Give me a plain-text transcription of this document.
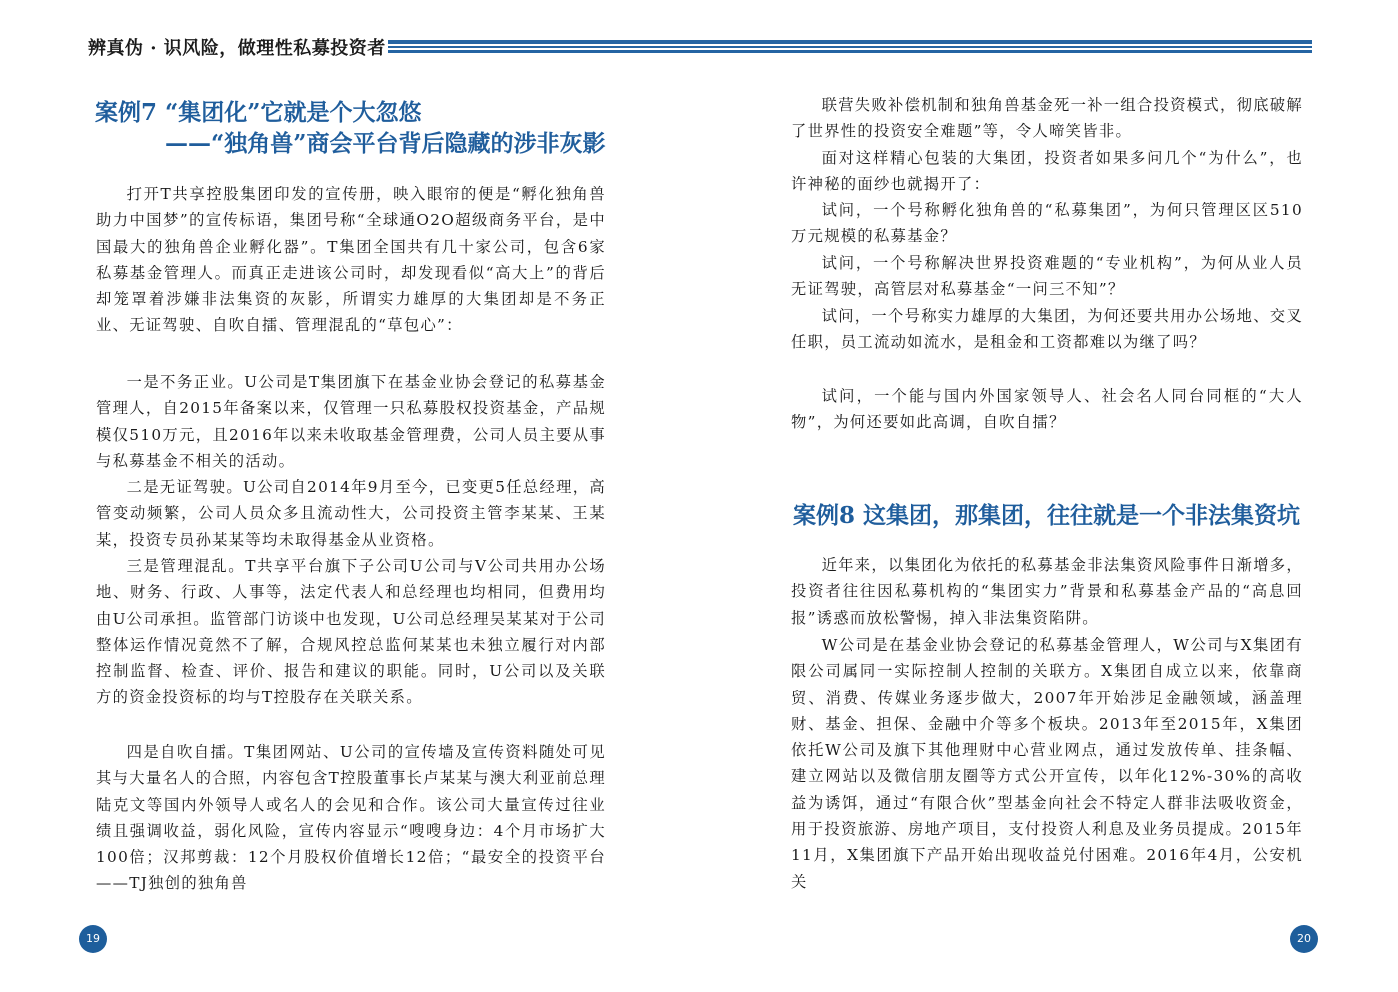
辨真伪 · 识风险，做理性私募投资者
案例7 “集团化”它就是个大忽悠
——“独角兽”商会平台背后隐藏的涉非灰影

打开T共享控股集团印发的宣传册，映入眼帘的便是“孵化独角兽　助力中国梦”的宣传标语，集团号称“全球通O2O超级商务平台，是中国最大的独角兽企业孵化器”。T集团全国共有几十家公司，包含6家私募基金管理人。而真正走进该公司时，却发现看似“高大上”的背后却笼罩着涉嫌非法集资的灰影，所谓实力雄厚的大集团却是不务正业、无证驾驶、自吹自擂、管理混乱的“草包心”：

一是不务正业。U公司是T集团旗下在基金业协会登记的私募基金管理人，自2015年备案以来，仅管理一只私募股权投资基金，产品规模仅510万元，且2016年以来未收取基金管理费，公司人员主要从事与私募基金不相关的活动。

二是无证驾驶。U公司自2014年9月至今，已变更5任总经理，高管变动频繁，公司人员众多且流动性大，公司投资主管李某某、王某某，投资专员孙某某等均未取得基金从业资格。

三是管理混乱。T共享平台旗下子公司U公司与V公司共用办公场地、财务、行政、人事等，法定代表人和总经理也均相同，但费用均由U公司承担。监管部门访谈中也发现，U公司总经理吴某某对于公司整体运作情况竟然不了解，合规风控总监何某某也未独立履行对内部控制监督、检查、评价、报告和建议的职能。同时，U公司以及关联方的资金投资标的均与T控股存在关联关系。

四是自吹自擂。T集团网站、U公司的宣传墙及宣传资料随处可见其与大量名人的合照，内容包含T控股董事长卢某某与澳大利亚前总理陆克文等国内外领导人或名人的会见和合作。该公司大量宣传过往业绩且强调收益，弱化风险，宣传内容显示“嗖嗖身边：4个月市场扩大100倍；汉邦剪裁：12个月股权价值增长12倍；“最安全的投资平台——TJ独创的独角兽

19

联营失败补偿机制和独角兽基金死一补一组合投资模式，彻底破解了世界性的投资安全难题”等，令人啼笑皆非。

面对这样精心包装的大集团，投资者如果多问几个“为什么”，也许神秘的面纱也就揭开了：

试问，一个号称孵化独角兽的“私募集团”，为何只管理区区510万元规模的私募基金？

试问，一个号称解决世界投资难题的“专业机构”，为何从业人员无证驾驶，高管层对私募基金“一问三不知”？

试问，一个号称实力雄厚的大集团，为何还要共用办公场地、交叉任职，员工流动如流水，是租金和工资都难以为继了吗？

试问，一个能与国内外国家领导人、社会名人同台同框的“大人物”，为何还要如此高调，自吹自擂？

案例8 这集团，那集团，往往就是一个非法集资坑

近年来，以集团化为依托的私募基金非法集资风险事件日渐增多，投资者往往因私募机构的“集团实力”背景和私募基金产品的“高息回报”诱惑而放松警惕，掉入非法集资陷阱。

W公司是在基金业协会登记的私募基金管理人，W公司与X集团有限公司属同一实际控制人控制的关联方。X集团自成立以来，依靠商贸、消费、传媒业务逐步做大，2007年开始涉足金融领域，涵盖理财、基金、担保、金融中介等多个板块。2013年至2015年，X集团依托W公司及旗下其他理财中心营业网点，通过发放传单、挂条幅、建立网站以及微信朋友圈等方式公开宣传，以年化12%-30%的高收益为诱饵，通过“有限合伙”型基金向社会不特定人群非法吸收资金，用于投资旅游、房地产项目，支付投资人利息及业务员提成。2015年11月，X集团旗下产品开始出现收益兑付困难。2016年4月，公安机关

20
